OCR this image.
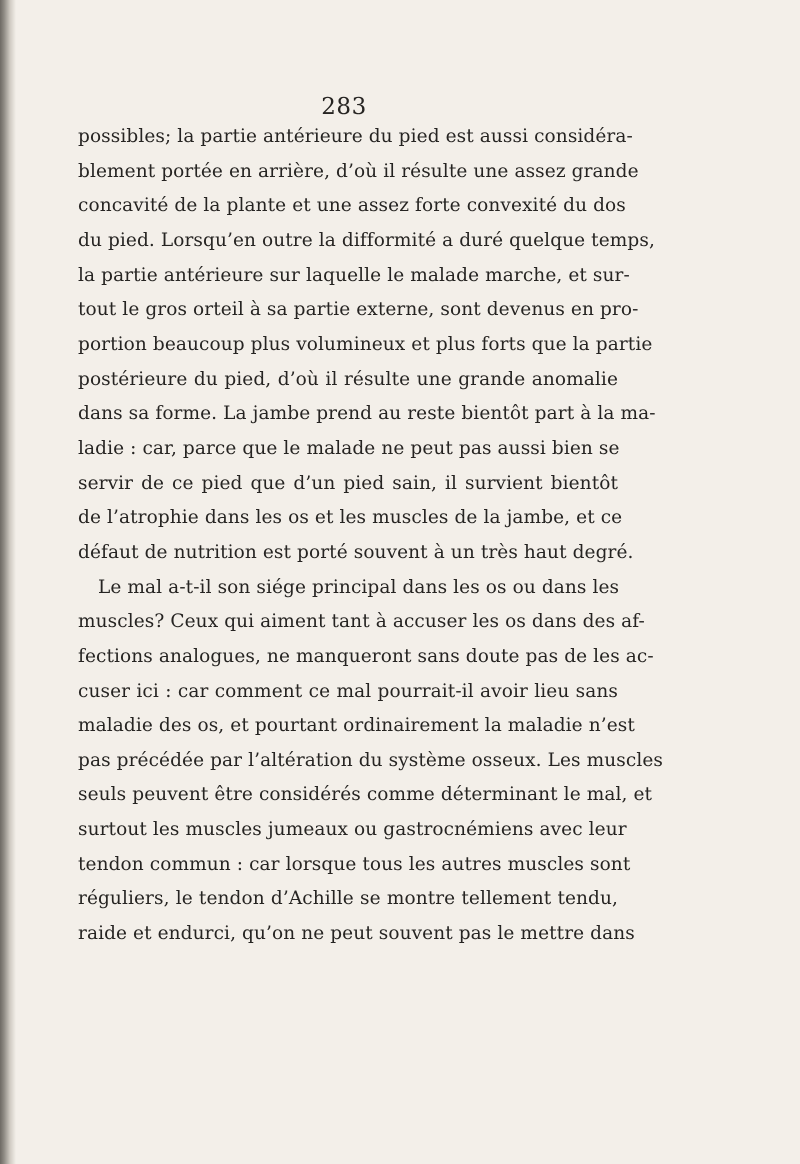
283
possibles; la partie antérieure du pied est aussi considéra-
blement portée en arrière, d’où il résulte une assez grande
concavité de la plante et une assez forte convexité du dos
du pied. Lorsqu’en outre la difformité a duré quelque temps,
la partie antérieure sur laquelle le malade marche, et sur-
tout le gros orteil à sa partie externe, sont devenus en pro-
portion beaucoup plus volumineux et plus forts que la partie
postérieure du pied, d’où il résulte une grande anomalie
dans sa forme. La jambe prend au reste bientôt part à la ma-
ladie : car, parce que le malade ne peut pas aussi bien se
servir de ce pied que d’un pied sain, il survient bientôt
de l’atrophie dans les os et les muscles de la jambe, et ce
défaut de nutrition est porté souvent à un très haut degré.
Le mal a-t-il son siége principal dans les os ou dans les
muscles? Ceux qui aiment tant à accuser les os dans des af-
fections analogues, ne manqueront sans doute pas de les ac-
cuser ici : car comment ce mal pourrait-il avoir lieu sans
maladie des os, et pourtant ordinairement la maladie n’est
pas précédée par l’altération du système osseux. Les muscles
seuls peuvent être considérés comme déterminant le mal, et
surtout les muscles jumeaux ou gastrocnémiens avec leur
tendon commun : car lorsque tous les autres muscles sont
réguliers, le tendon d’Achille se montre tellement tendu,
raide et endurci, qu’on ne peut souvent pas le mettre dans
